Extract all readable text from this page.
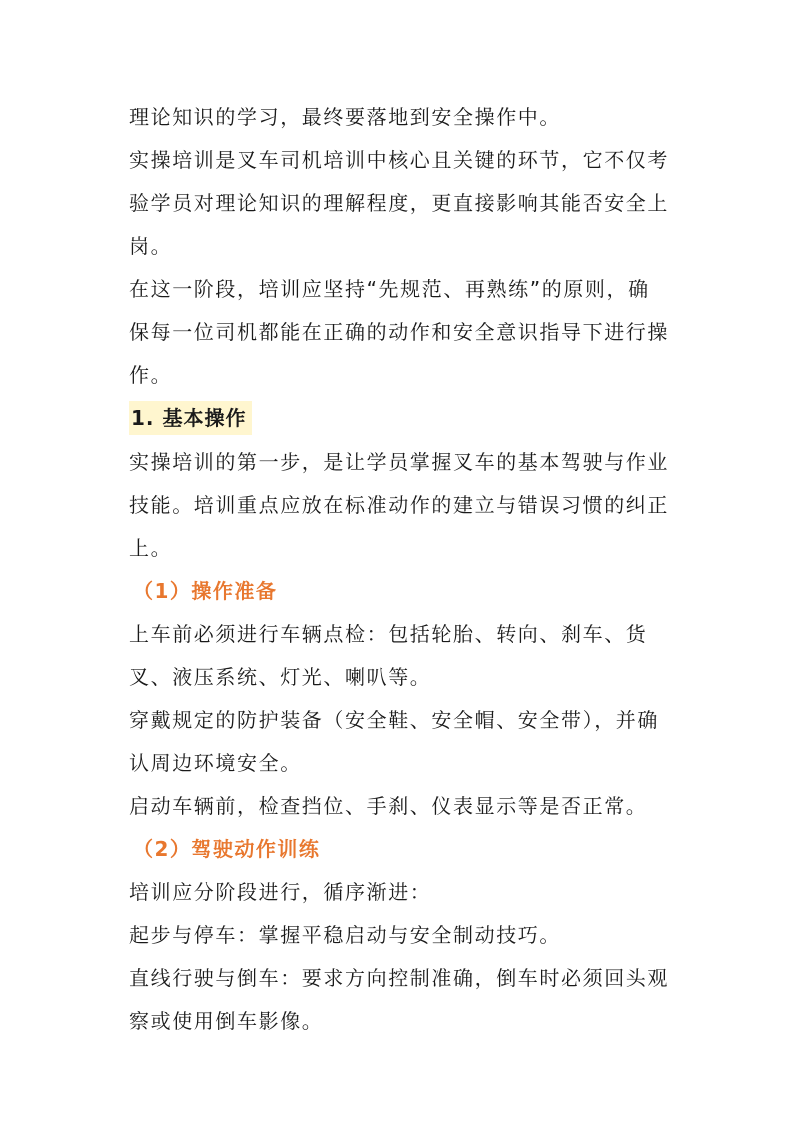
理论知识的学习，最终要落地到安全操作中。

实操培训是叉车司机培训中核心且关键的环节，它不仅考验学员对理论知识的理解程度，更直接影响其能否安全上岗。

在这一阶段，培训应坚持“先规范、再熟练”的原则，确保每一位司机都能在正确的动作和安全意识指导下进行操作。

1. 基本操作

实操培训的第一步，是让学员掌握叉车的基本驾驶与作业技能。培训重点应放在标准动作的建立与错误习惯的纠正上。

（1）操作准备

上车前必须进行车辆点检：包括轮胎、转向、刹车、货叉、液压系统、灯光、喇叭等。

穿戴规定的防护装备（安全鞋、安全帽、安全带），并确认周边环境安全。

启动车辆前，检查挡位、手刹、仪表显示等是否正常。

（2）驾驶动作训练

培训应分阶段进行，循序渐进：

起步与停车：掌握平稳启动与安全制动技巧。

直线行驶与倒车：要求方向控制准确，倒车时必须回头观察或使用倒车影像。
